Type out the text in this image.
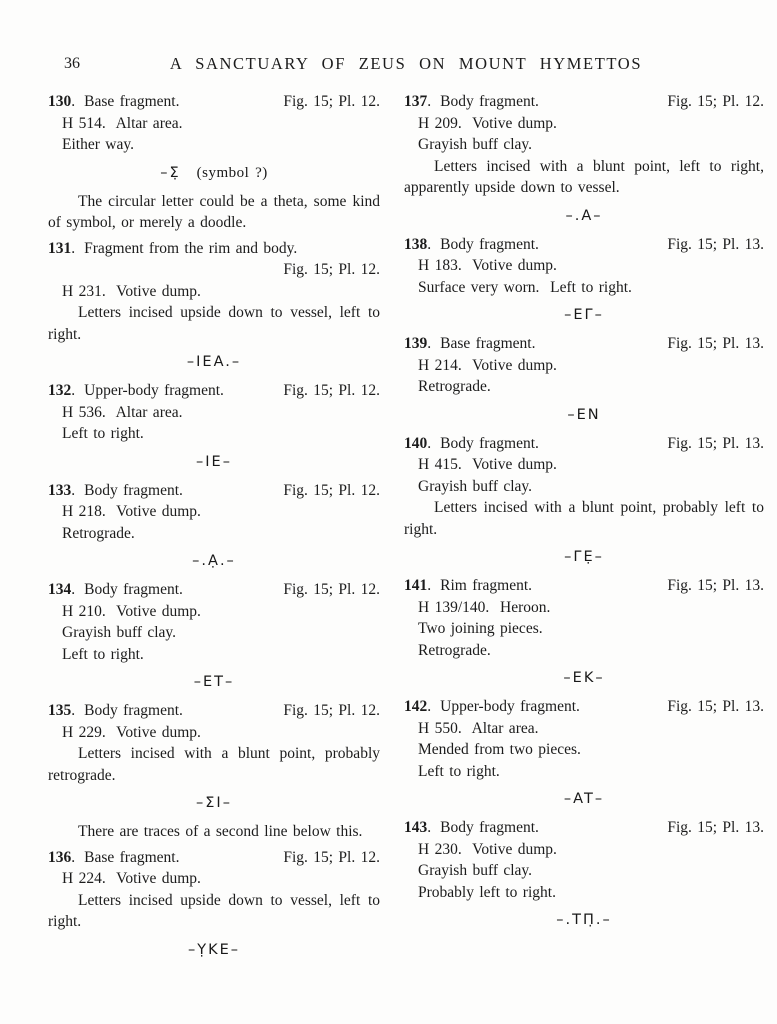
36	A SANCTUARY OF ZEUS ON MOUNT HYMETTOS
130. Base fragment.	Fig. 15; Pl. 12.
H 514.  Altar area.
Either way.
–Σ̣ (symbol ?)
The circular letter could be a theta, some kind of symbol, or merely a doodle.
131. Fragment from the rim and body.
Fig. 15; Pl. 12.
H 231.  Votive dump.
Letters incised upside down to vessel, left to right.
–IEA.–
132. Upper-body fragment.	Fig. 15; Pl. 12.
H 536.  Altar area.
Left to right.
–IE–
133. Body fragment.	Fig. 15; Pl. 12.
H 218.  Votive dump.
Retrograde.
–.Ạ.–
134. Body fragment.	Fig. 15; Pl. 12.
H 210.  Votive dump.
Grayish buff clay.
Left to right.
–ET–
135. Body fragment.	Fig. 15; Pl. 12.
H 229.  Votive dump.
Letters incised with a blunt point, probably retrograde.
–ΣΙ–
There are traces of a second line below this.
136. Base fragment.	Fig. 15; Pl. 12.
H 224.  Votive dump.
Letters incised upside down to vessel, left to right.
–ỴKE–
137. Body fragment.	Fig. 15; Pl. 12.
H 209.  Votive dump.
Grayish buff clay.
Letters incised with a blunt point, left to right, apparently upside down to vessel.
–.A–
138. Body fragment.	Fig. 15; Pl. 13.
H 183.  Votive dump.
Surface very worn.  Left to right.
–EΓ–
139. Base fragment.	Fig. 15; Pl. 13.
H 214.  Votive dump.
Retrograde.
–EN
140. Body fragment.	Fig. 15; Pl. 13.
H 415.  Votive dump.
Grayish buff clay.
Letters incised with a blunt point, probably left to right.
–ΓẸ–
141. Rim fragment.	Fig. 15; Pl. 13.
H 139/140.  Heroon.
Two joining pieces.
Retrograde.
–EK–
142. Upper-body fragment.	Fig. 15; Pl. 13.
H 550.  Altar area.
Mended from two pieces.
Left to right.
–AT–
143. Body fragment.	Fig. 15; Pl. 13.
H 230.  Votive dump.
Grayish buff clay.
Probably left to right.
–.TΠ̣.–
